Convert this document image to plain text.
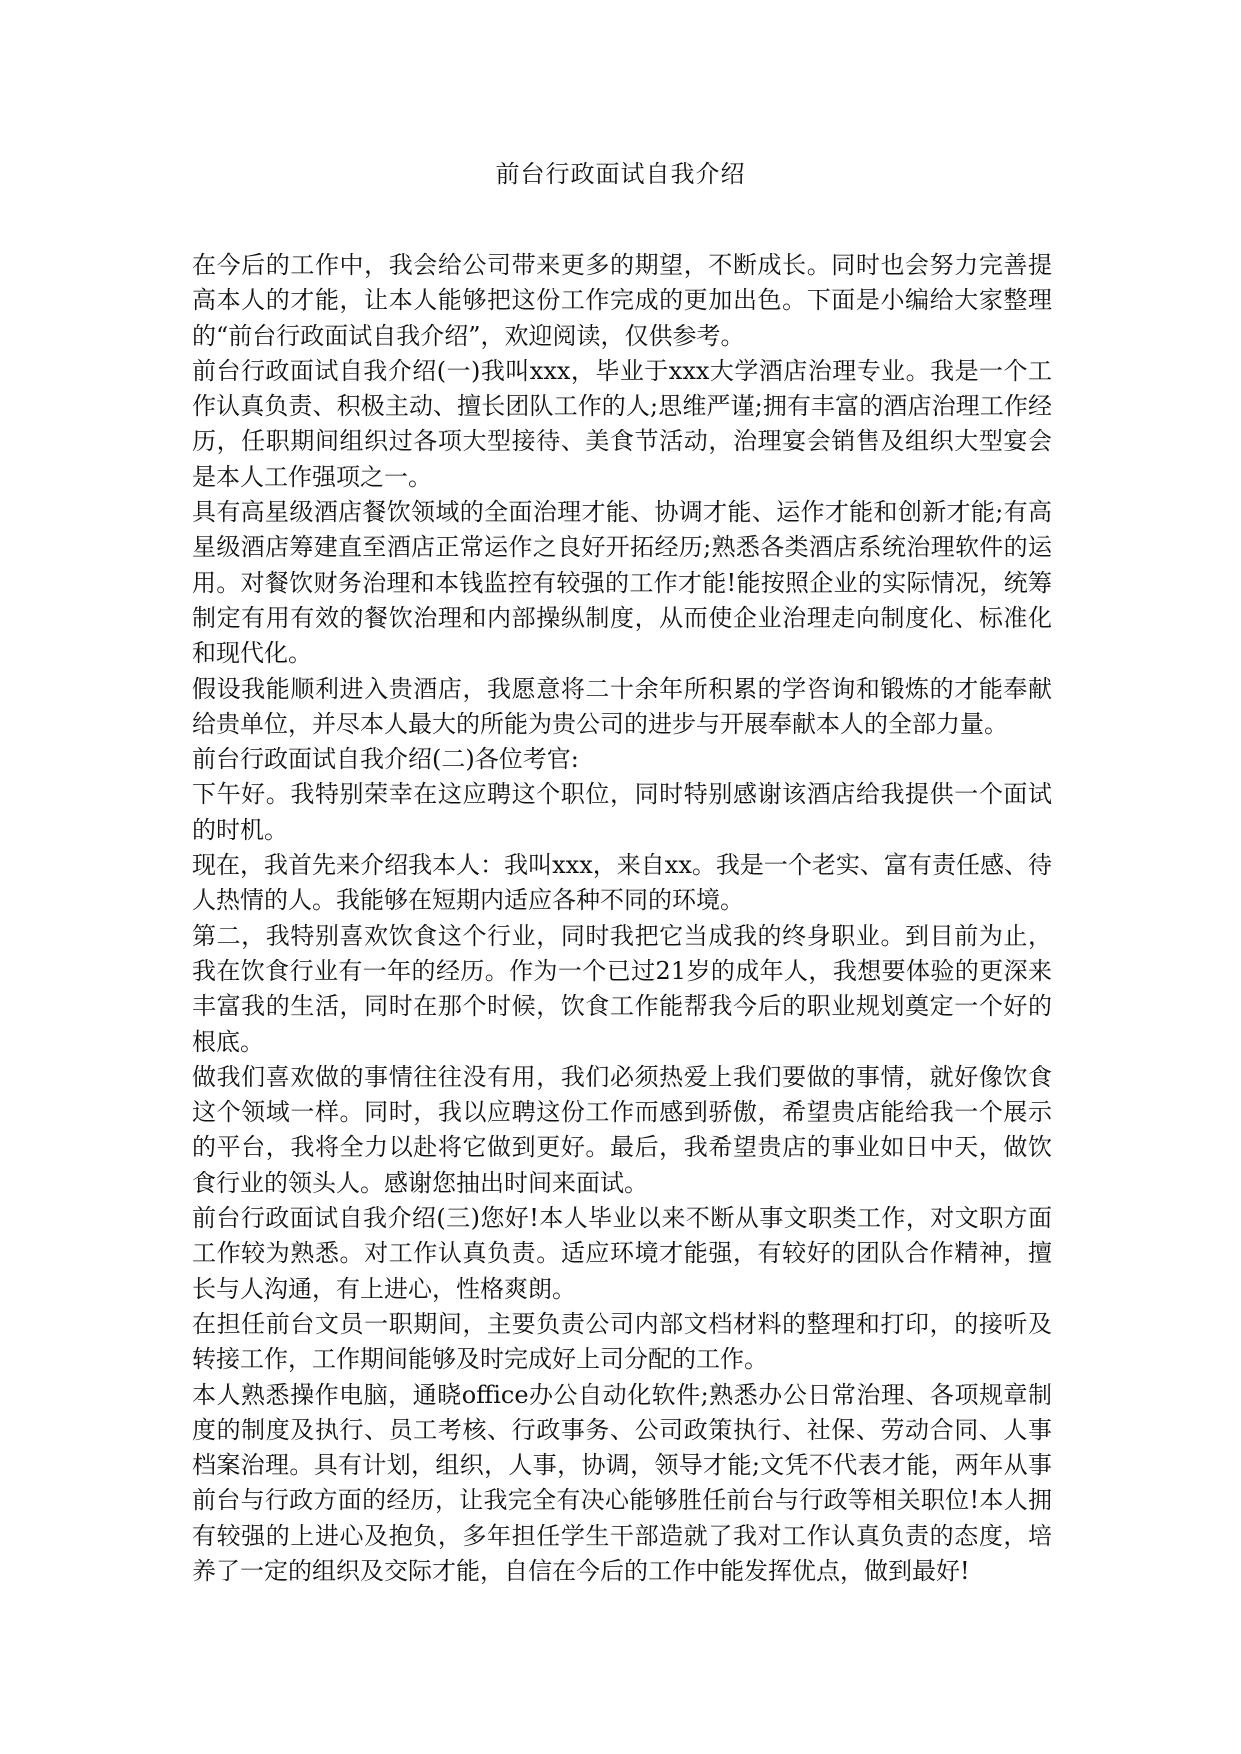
前台行政面试自我介绍

在今后的工作中，我会给公司带来更多的期望，不断成长。同时也会努力完善提高本人的才能，让本人能够把这份工作完成的更加出色。下面是小编给大家整理的“前台行政面试自我介绍”，欢迎阅读，仅供参考。

前台行政面试自我介绍(一)我叫xxx，毕业于xxx大学酒店治理专业。我是一个工作认真负责、积极主动、擅长团队工作的人;思维严谨;拥有丰富的酒店治理工作经历，任职期间组织过各项大型接待、美食节活动，治理宴会销售及组织大型宴会是本人工作强项之一。

具有高星级酒店餐饮领域的全面治理才能、协调才能、运作才能和创新才能;有高星级酒店筹建直至酒店正常运作之良好开拓经历;熟悉各类酒店系统治理软件的运用。对餐饮财务治理和本钱监控有较强的工作才能!能按照企业的实际情况，统筹制定有用有效的餐饮治理和内部操纵制度，从而使企业治理走向制度化、标准化和现代化。

假设我能顺利进入贵酒店，我愿意将二十余年所积累的学咨询和锻炼的才能奉献给贵单位，并尽本人最大的所能为贵公司的进步与开展奉献本人的全部力量。

前台行政面试自我介绍(二)各位考官:

下午好。我特别荣幸在这应聘这个职位，同时特别感谢该酒店给我提供一个面试的时机。

现在，我首先来介绍我本人：我叫xxx，来自xx。我是一个老实、富有责任感、待人热情的人。我能够在短期内适应各种不同的环境。

第二，我特别喜欢饮食这个行业，同时我把它当成我的终身职业。到目前为止，我在饮食行业有一年的经历。作为一个已过21岁的成年人，我想要体验的更深来丰富我的生活，同时在那个时候，饮食工作能帮我今后的职业规划奠定一个好的根底。

做我们喜欢做的事情往往没有用，我们必须热爱上我们要做的事情，就好像饮食这个领域一样。同时，我以应聘这份工作而感到骄傲，希望贵店能给我一个展示的平台，我将全力以赴将它做到更好。最后，我希望贵店的事业如日中天，做饮食行业的领头人。感谢您抽出时间来面试。

前台行政面试自我介绍(三)您好!本人毕业以来不断从事文职类工作，对文职方面工作较为熟悉。对工作认真负责。适应环境才能强，有较好的团队合作精神，擅长与人沟通，有上进心，性格爽朗。

在担任前台文员一职期间，主要负责公司内部文档材料的整理和打印，的接听及转接工作，工作期间能够及时完成好上司分配的工作。

本人熟悉操作电脑，通晓office办公自动化软件;熟悉办公日常治理、各项规章制度的制度及执行、员工考核、行政事务、公司政策执行、社保、劳动合同、人事档案治理。具有计划，组织，人事，协调，领导才能;文凭不代表才能，两年从事前台与行政方面的经历，让我完全有决心能够胜任前台与行政等相关职位!本人拥有较强的上进心及抱负，多年担任学生干部造就了我对工作认真负责的态度，培养了一定的组织及交际才能，自信在今后的工作中能发挥优点，做到最好!
